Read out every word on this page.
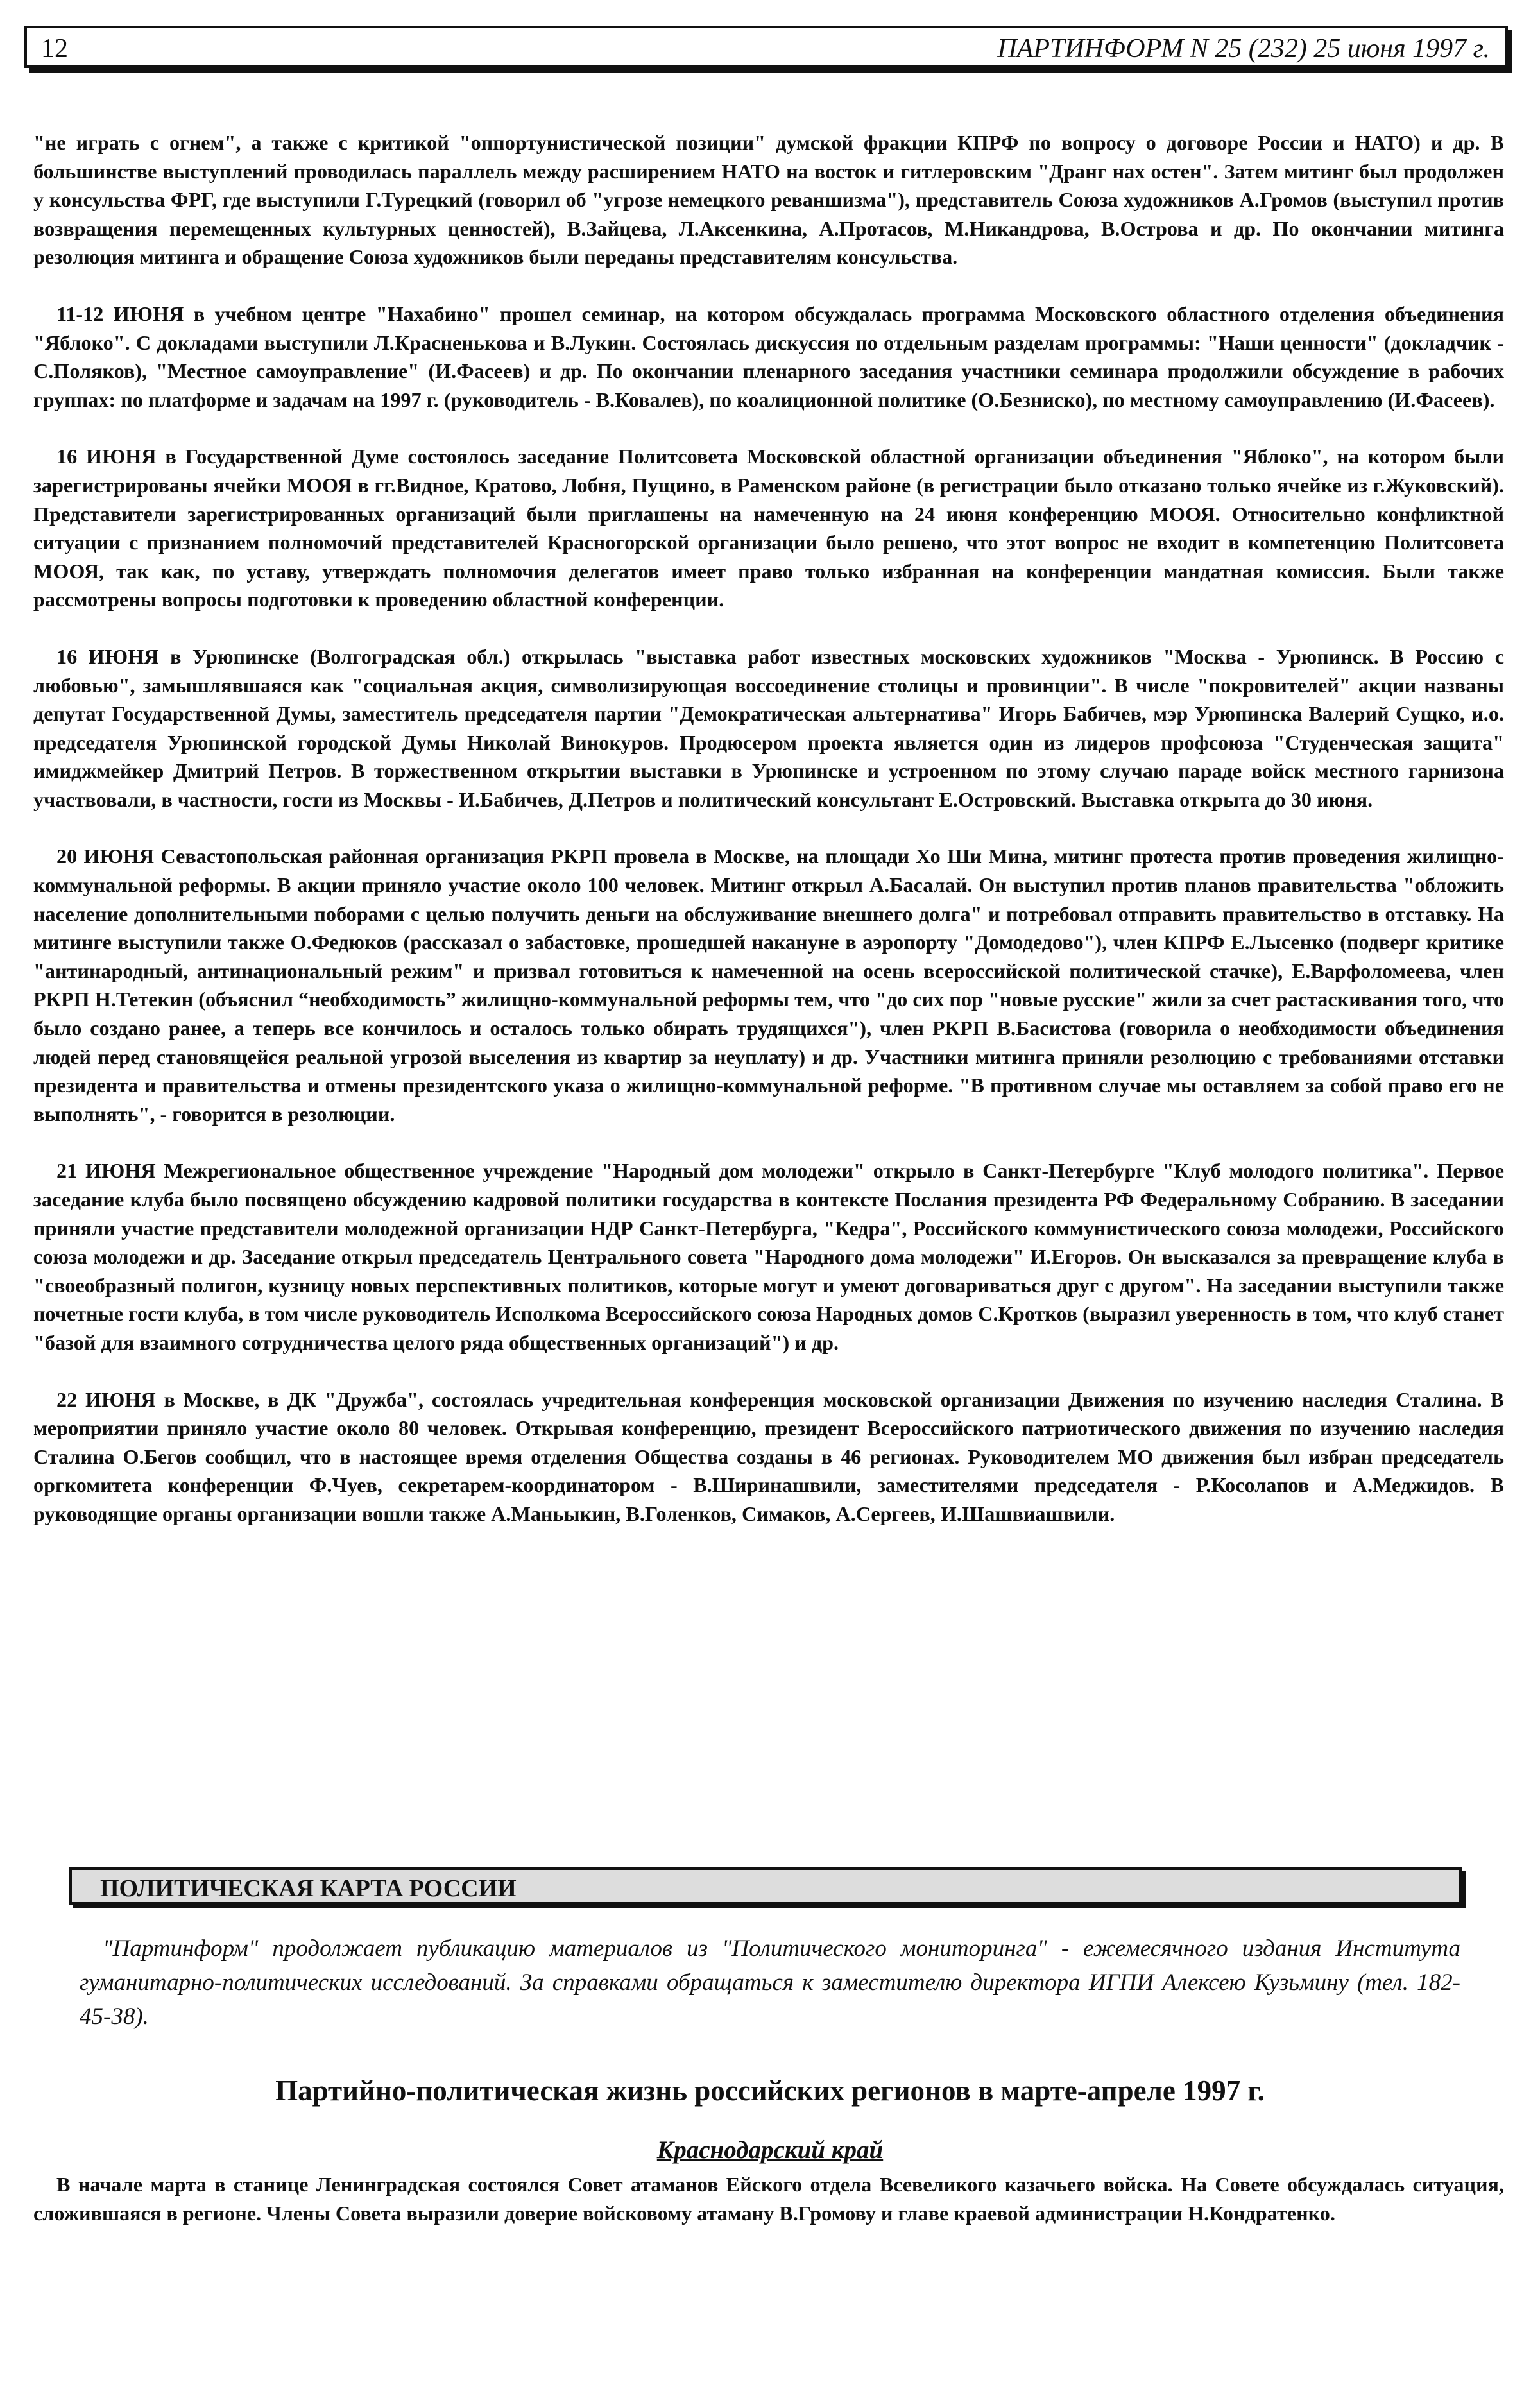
12	ПАРТИНФОРМ N 25 (232) 25 июня 1997 г.

"не играть с огнем", а также с критикой "оппортунистической позиции" думской фракции КПРФ по вопросу о договоре России и НАТО) и др. В большинстве выступлений проводилась параллель между расширением НАТО на восток и гитлеровским "Дранг нах остен". Затем митинг был продолжен у консульства ФРГ, где выступили Г.Турецкий (говорил об "угрозе немецкого реваншизма"), представитель Союза художников А.Громов (выступил против возвращения перемещенных культурных ценностей), В.Зайцева, Л.Аксенкина, А.Протасов, М.Никандрова, В.Острова и др. По окончании митинга резолюция митинга и обращение Союза художников были переданы представителям консульства.

11-12 ИЮНЯ в учебном центре "Нахабино" прошел семинар, на котором обсуждалась программа Московского областного отделения объединения "Яблоко". С докладами выступили Л.Красненькова и В.Лукин. Состоялась дискуссия по отдельным разделам программы: "Наши ценности" (докладчик - С.Поляков), "Местное самоуправление" (И.Фасеев) и др. По окончании пленарного заседания участники семинара продолжили обсуждение в рабочих группах: по платформе и задачам на 1997 г. (руководитель - В.Ковалев), по коалиционной политике (О.Безниско), по местному самоуправлению (И.Фасеев).

16 ИЮНЯ в Государственной Думе состоялось заседание Политсовета Московской областной организации объединения "Яблоко", на котором были зарегистрированы ячейки МООЯ в гг.Видное, Кратово, Лобня, Пущино, в Раменском районе (в регистрации было отказано только ячейке из г.Жуковский). Представители зарегистрированных организаций были приглашены на намеченную на 24 июня конференцию МООЯ. Относительно конфликтной ситуации с признанием полномочий представителей Красногорской организации было решено, что этот вопрос не входит в компетенцию Политсовета МООЯ, так как, по уставу, утверждать полномочия делегатов имеет право только избранная на конференции мандатная комиссия. Были также рассмотрены вопросы подготовки к проведению областной конференции.

16 ИЮНЯ в Урюпинске (Волгоградская обл.) открылась "выставка работ известных московских художников "Москва - Урюпинск. В Россию с любовью", замышлявшаяся как "социальная акция, символизирующая воссоединение столицы и провинции". В числе "покровителей" акции названы депутат Государственной Думы, заместитель председателя партии "Демократическая альтернатива" Игорь Бабичев, мэр Урюпинска Валерий Сущко, и.о. председателя Урюпинской городской Думы Николай Винокуров. Продюсером проекта является один из лидеров профсоюза "Студенческая защита" имиджмейкер Дмитрий Петров. В торжественном открытии выставки в Урюпинске и устроенном по этому случаю параде войск местного гарнизона участвовали, в частности, гости из Москвы - И.Бабичев, Д.Петров и политический консультант Е.Островский. Выставка открыта до 30 июня.

20 ИЮНЯ Севастопольская районная организация РКРП провела в Москве, на площади Хо Ши Мина, митинг протеста против проведения жилищно-коммунальной реформы. В акции приняло участие около 100 человек. Митинг открыл А.Басалай. Он выступил против планов правительства "обложить население дополнительными поборами с целью получить деньги на обслуживание внешнего долга" и потребовал отправить правительство в отставку. На митинге выступили также О.Федюков (рассказал о забастовке, прошедшей накануне в аэропорту "Домодедово"), член КПРФ Е.Лысенко (подверг критике "антинародный, антинациональный режим" и призвал готовиться к намеченной на осень всероссийской политической стачке), Е.Варфоломеева, член РКРП Н.Тетекин (объяснил “необходимость” жилищно-коммунальной реформы тем, что "до сих пор "новые русские" жили за счет растаскивания того, что было создано ранее, а теперь все кончилось и осталось только обирать трудящихся"), член РКРП В.Басистова (говорила о необходимости объединения людей перед становящейся реальной угрозой выселения из квартир за неуплату) и др. Участники митинга приняли резолюцию с требованиями отставки президента и правительства и отмены президентского указа о жилищно-коммунальной реформе. "В противном случае мы оставляем за собой право его не выполнять", - говорится в резолюции.

21 ИЮНЯ Межрегиональное общественное учреждение "Народный дом молодежи" открыло в Санкт-Петербурге "Клуб молодого политика". Первое заседание клуба было посвящено обсуждению кадровой политики государства в контексте Послания президента РФ Федеральному Собранию. В заседании приняли участие представители молодежной организации НДР Санкт-Петербурга, "Кедра", Российского коммунистического союза молодежи, Российского союза молодежи и др. Заседание открыл председатель Центрального совета "Народного дома молодежи" И.Егоров. Он высказался за превращение клуба в "своеобразный полигон, кузницу новых перспективных политиков, которые могут и умеют договариваться друг с другом". На заседании выступили также почетные гости клуба, в том числе руководитель Исполкома Всероссийского союза Народных домов С.Кротков (выразил уверенность в том, что клуб станет "базой для взаимного сотрудничества целого ряда общественных организаций") и др.

22 ИЮНЯ в Москве, в ДК "Дружба", состоялась учредительная конференция московской организации Движения по изучению наследия Сталина. В мероприятии приняло участие около 80 человек. Открывая конференцию, президент Всероссийского патриотического движения по изучению наследия Сталина О.Бегов сообщил, что в настоящее время отделения Общества созданы в 46 регионах. Руководителем МО движения был избран председатель оргкомитета конференции Ф.Чуев, секретарем-координатором - В.Ширинашвили, заместителями председателя - Р.Косолапов и А.Меджидов. В руководящие органы организации вошли также А.Маньыкин, В.Голенков, Симаков, А.Сергеев, И.Шашвиашвили.

ПОЛИТИЧЕСКАЯ КАРТА РОССИИ
"Партинформ" продолжает публикацию материалов из "Политического мониторинга" - ежемесячного издания Института гуманитарно-политических исследований. За справками обращаться к заместителю директора ИГПИ Алексею Кузьмину (тел. 182-45-38).
Партийно-политическая жизнь российских регионов в марте-апреле 1997 г.
Краснодарский край
В начале марта в станице Ленинградская состоялся Совет атаманов Ейского отдела Всевеликого казачьего войска. На Совете обсуждалась ситуация, сложившаяся в регионе. Члены Совета выразили доверие войсковому атаману В.Громову и главе краевой администрации Н.Кондратенко.
